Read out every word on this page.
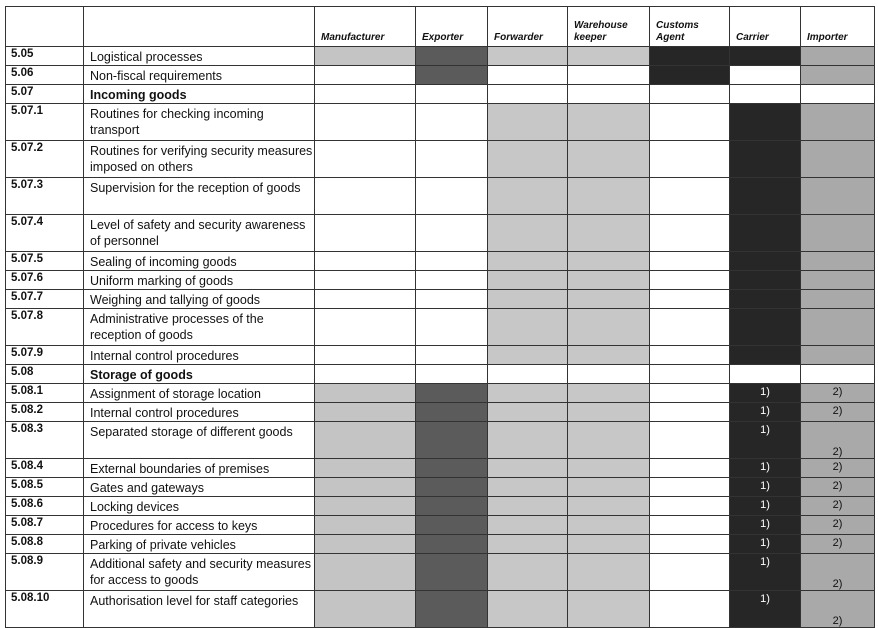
		Manufacturer	Exporter	Forwarder	Warehouse keeper	Customs Agent	Carrier	Importer
5.05	Logistical processes							
5.06	Non-fiscal requirements							
5.07	Incoming goods							
5.07.1	Routines for checking incoming transport							
5.07.2	Routines for verifying security measures imposed on others							
5.07.3	Supervision for the reception of goods							
5.07.4	Level of safety and security awareness of personnel							
5.07.5	Sealing of incoming goods							
5.07.6	Uniform marking of goods							
5.07.7	Weighing and tallying of goods							
5.07.8	Administrative processes of the reception of goods							
5.07.9	Internal control procedures							
5.08	Storage of goods							
5.08.1	Assignment of storage location						1)	2)

5.08.2	Internal control procedures						1)	2)

5.08.3	Separated storage of different goods						1)	2)

5.08.4	External boundaries of premises						1)	2)

5.08.5	Gates and gateways						1)	2)

5.08.6	Locking devices						1)	2)

5.08.7	Procedures for access to keys						1)	2)

5.08.8	Parking of private vehicles						1)	2)

5.08.9	Additional safety and security measures for access to goods						1)	2)

5.08.10	Authorisation level for staff categories						1)	2)
